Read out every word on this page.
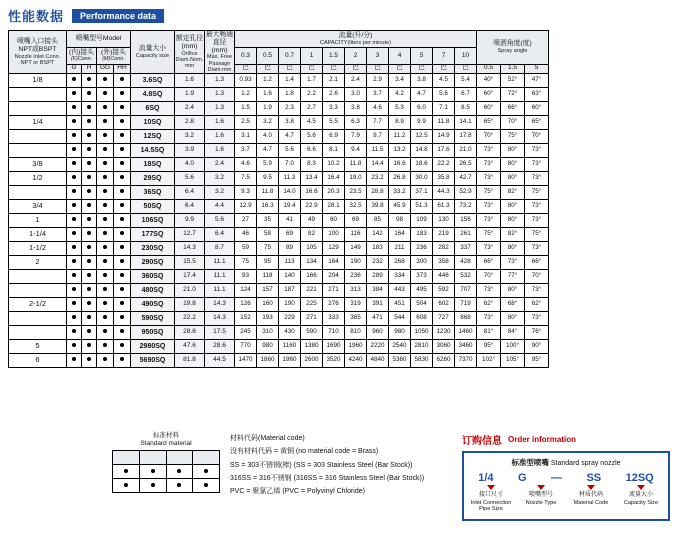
性能数据	Performance data
喷嘴入口接头
NPT或BSPT
Nozzle Inlet Conn. NPT or BSPT	喷嘴型号Model				流量大小
Capacity size	额定孔径
(mm)
Orifice Diam.Nom. mm	最大畅通直径
(mm)
Max. Free Passage Diam.mm	流量(升/分)
CAPACITY(liters per minute)											喷洒角度(度)
Spray angle		

	(内)接头
(F)Conn.		(外)接头
(M)Conn.					0.3	0.5	0.7	1	1.5	2	3	4	5	7	10			
	G	H	GG	HH				巴	巴	巴	巴	巴	巴	巴	巴	巴	巴	巴	0.5	1.5	5
1/8					3.6SQ	1.6	1.3	0.93	1.2	1.4	1.7	2.1	2.4	2.9	3.4	3.8	4.5	5.4	40°	52°	47°
					4.8SQ	1.9	1.3	1.2	1.6	1.8	2.2	2.6	3.0	3.7	4.2	4.7	5.6	6.7	60°	72°	63°
					6SQ	2.4	1.3	1.5	1.9	2.3	2.7	3.3	3.8	4.6	5.3	6.0	7.1	8.5	60°	66°	60°
1/4					10SQ	2.8	1.6	2.5	3.2	3.8	4.5	5.5	6.3	7.7	8.9	9.9	11.8	14.1	65°	70°	65°
					12SQ	3.2	1.6	3.1	4.0	4.7	5.6	6.9	7.9	9.7	11.2	12.5	14.9	17.8	70°	75°	70°
					14.5SQ	3.9	1.6	3.7	4.7	5.6	6.6	8.1	9.4	11.5	13.2	14.8	17.6	21.0	73°	80°	73°
3/8					18SQ	4.0	2.4	4.6	5.9	7.0	8.3	10.2	11.8	14.4	16.6	18.6	22.2	26.5	73°	80°	73°
1/2					29SQ	5.6	3.2	7.5	9.5	11.3	13.4	16.4	19.0	23.2	26.8	30.0	35.8	42.7	73°	80°	73°
					36SQ	6.4	3.2	9.3	11.8	14.0	16.6	20.3	23.5	28.8	33.2	37.1	44.3	52.9	75°	82°	75°
3/4					50SQ	6.4	4.4	12.9	16.3	19.4	22.9	28.1	32.5	39.8	45.9	51.3	61.3	73.2	73°	80°	73°
1					106SQ	9.9	5.6	27	35	41	49	60	69	85	98	109	130	156	73°	80°	73°
1-1/4					177SQ	12.7	6.4	46	58	69	82	100	116	142	164	183	219	261	75°	82°	75°
1-1/2					230SQ	14.3	8.7	59	75	89	105	129	149	183	211	236	282	337	73°	80°	73°
2					290SQ	15.5	11.1	75	95	113	134	164	190	232	268	300	358	428	66°	73°	66°
					360SQ	17.4	11.1	93	118	140	166	204	236	289	334	373	446	532	70°	77°	70°
					480SQ	21.0	11.1	124	157	187	221	271	313	384	443	495	592	707	73°	80°	73°
2-1/2					490SQ	19.8	14.3	126	160	190	225	276	319	391	451	504	602	719	62°	68°	62°
					590SQ	22.2	14.3	152	193	229	271	333	385	471	544	608	727	868	73°	80°	73°
					950SQ	28.6	17.5	245	310	430	590	710	810	960	980	1050	1230	1460	81°	84°	76°
5					2980SQ	47.6	28.6	770	980	1160	1380	1690	1960	2220	2540	2810	3060	3460	95°	100°	90°
6					5690SQ	81.8	44.5	1470	1860	1960	2600	3520	4240	4840	5360	5830	6260	7370	102°	105°	95°
标准材料
Standard material

材料代码(Material code)
没有材料代码 = 黄铜 (no material code = Brass)
SS = 303不锈钢(棒) (SS = 303 Stainless Steel (Bar Stock))
316SS = 316不锈钢 (316SS = 316 Stainless Steel (Bar Stock))
PVC = 聚氯乙烯 (PVC = Polyvinyl Chloride)
订购信息 Order information
标准型喷嘴 Standard spray nozzle
1/4 G — SS 12SQ
接口尺寸
Inlet Connection Pipe Size
喷嘴型号
Nozzle Type
材质代码
Material Code
流量大小
Capacity Size
